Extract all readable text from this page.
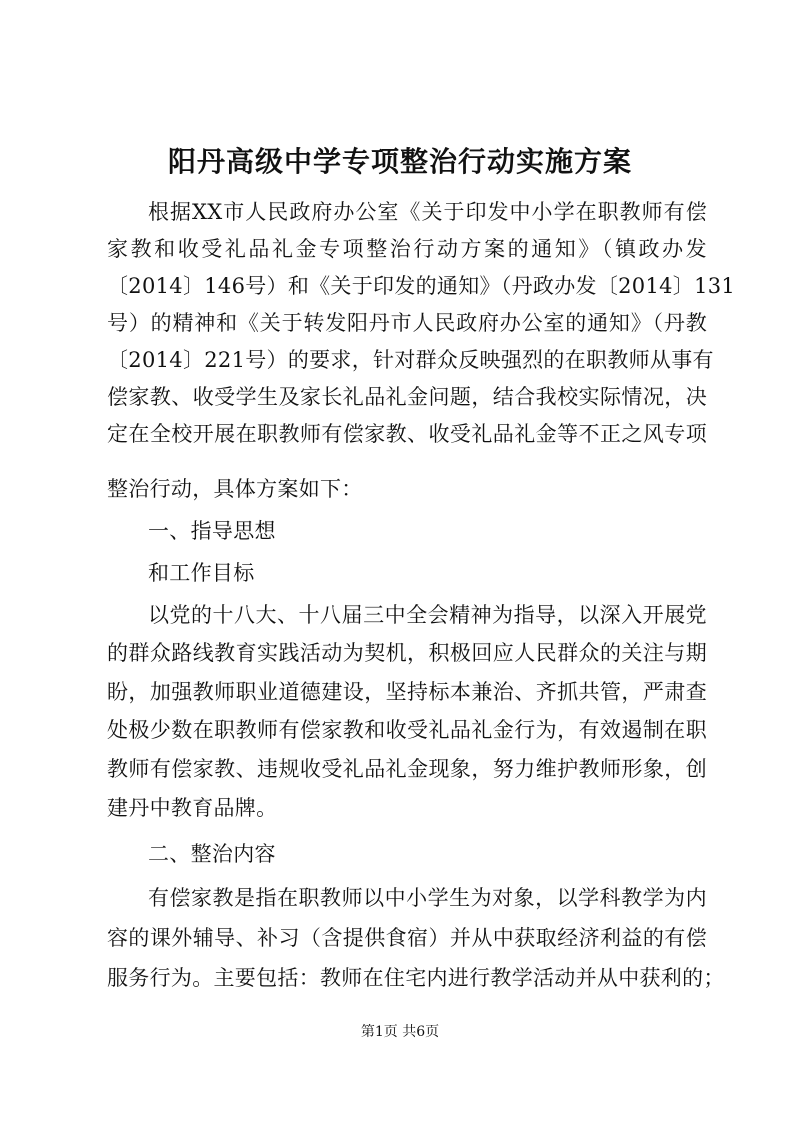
阳丹高级中学专项整治行动实施方案
根据XX市人民政府办公室《关于印发中小学在职教师有偿
家教和收受礼品礼金专项整治行动方案的通知》（镇政办发
〔2014〕146号）和《关于印发的通知》（丹政办发〔2014〕131
号）的精神和《关于转发阳丹市人民政府办公室的通知》（丹教
〔2014〕221号）的要求，针对群众反映强烈的在职教师从事有
偿家教、收受学生及家长礼品礼金问题，结合我校实际情况，决
定在全校开展在职教师有偿家教、收受礼品礼金等不正之风专项
整治行动，具体方案如下：
一、指导思想
和工作目标
以党的十八大、十八届三中全会精神为指导，以深入开展党
的群众路线教育实践活动为契机，积极回应人民群众的关注与期
盼，加强教师职业道德建设，坚持标本兼治、齐抓共管，严肃查
处极少数在职教师有偿家教和收受礼品礼金行为，有效遏制在职
教师有偿家教、违规收受礼品礼金现象，努力维护教师形象，创
建丹中教育品牌。
二、整治内容
有偿家教是指在职教师以中小学生为对象，以学科教学为内
容的课外辅导、补习（含提供食宿）并从中获取经济利益的有偿
服务行为。主要包括：教师在住宅内进行教学活动并从中获利的；
第1页 共6页
